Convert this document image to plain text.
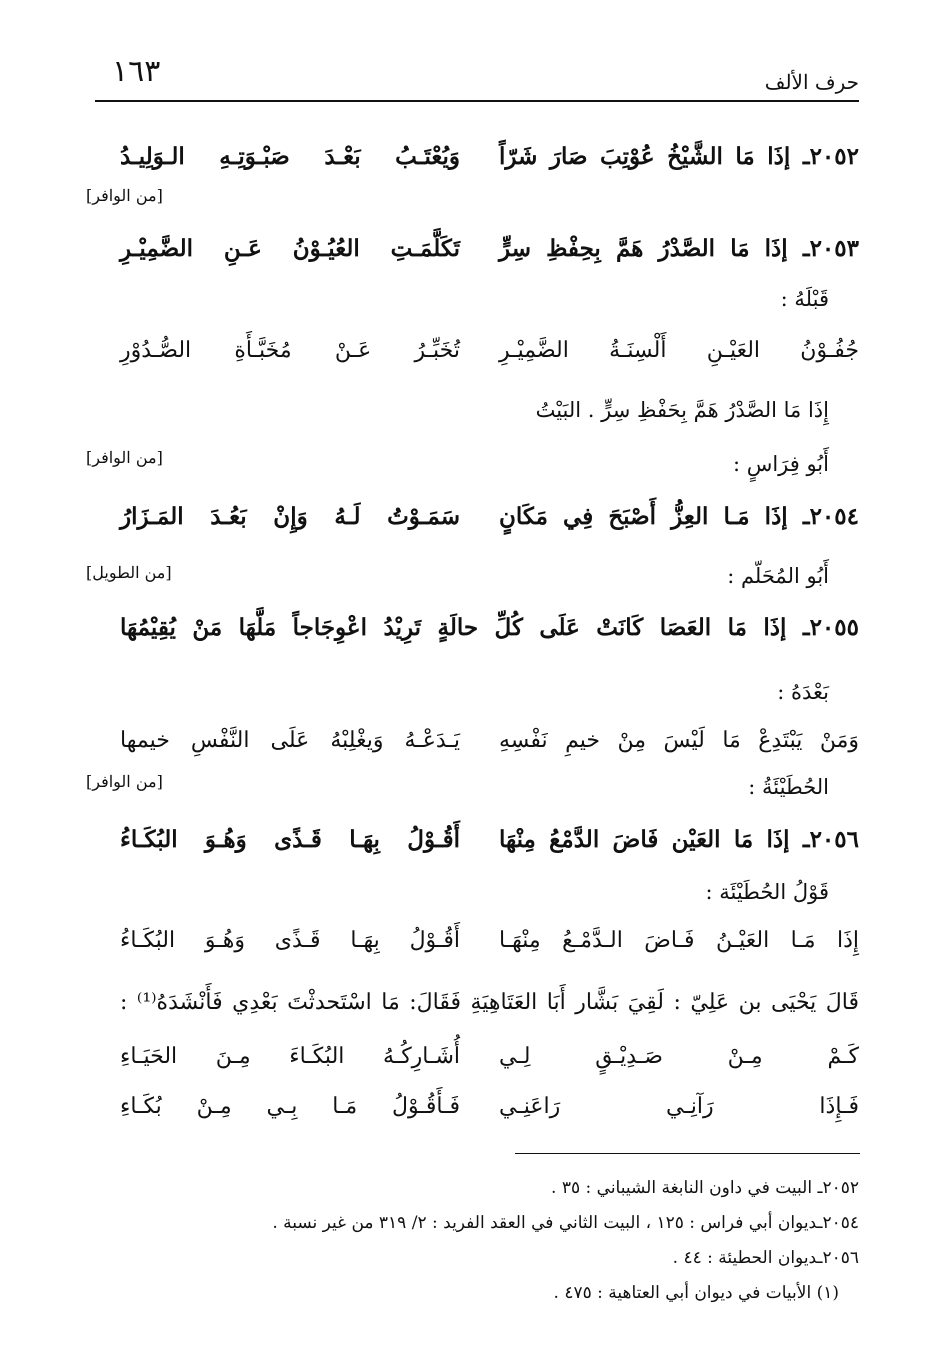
١٦٣	حرف الألف
٢٠٥٢ـ إذَا مَا الشَّيْخُ عُوْتِبَ صَارَ شَرّاً
وَيُعْتَـبُ بَعْـدَ صَبْـوَتِـهِ الـوَلِيـدُ
[من الوافر]
٢٠٥٣ـ إذَا مَا الصَّدْرُ هَمَّ بِحِفْظِ سِرٍّ
تَكَلَّمَـتِ العُيُـوْنُ عَـنِ الضَّمِيْـرِ
قَبْلَهُ :
جُفُـوْنُ العَيْـنِ أَلْسِنَـةُ الضَّمِيْـرِ
تُخَبِّـرُ عَـنْ مُخَبَّـأَةِ الصُّـدُوْرِ
إِذَا مَا الصَّدْرُ هَمَّ بِحَفْظِ سِرٍّ . البَيْتُ
[من الوافر]	أَبُو فِرَاسٍ :
٢٠٥٤ـ إذَا مَـا العِزُّ أَصْبَحَ فِي مَكَانٍ
سَمَـوْتُ لَـهُ وَإِنْ بَعُـدَ المَـزَارُ
[من الطويل]	أَبُو المُحَلّم :
٢٠٥٥ـ إذَا مَا العَصَا كَانَتْ عَلَى كُلِّ حالَةٍ تَرِيْدُ اعْوِجَاجاً مَلَّهَا مَنْ يُقِيْمُهَا
بَعْدَهُ :
وَمَنْ يَبْتَدِعْ مَا لَيْسَ مِنْ خيمِ نَفْسِهِ
يَـدَعْـهُ وَيغْلِبْهُ عَلَى النَّفْسِ خيمها
[من الوافر]	الحُطَيْئَةُ :
٢٠٥٦ـ إذَا مَا العَيْن فَاضَ الدَّمْعُ مِنْهَا
أَقُـوْلُ بِهَـا قَـذًى وَهُـوَ البُكَـاءُ
قَوْلُ الحُطَيْئَة :
إِذَا مَـا العَيْـنُ فَـاضَ الـدَّمْـعُ مِنْهَـا
أَقُـوْلُ بِهَـا قَـذًى وَهُـوَ البُكَـاءُ
قَالَ يَحْيَى بن عَلِيّ : لَقِيَ بَشَّار أَبَا العَتَاهِيَةِ فَقَالَ: مَا اسْتَحدثْتَ بَعْدِي فَأَنْشَدَهُ⁽¹⁾ :
كَـمْ مِـنْ صَـدِيْـقٍ لِـي
أُشَـارِكُـهُ البُكَـاءَ مِـنَ الحَيَـاءِ
فَـإِذَا رَآنِـي رَاعَنِـي
فَـأَقُـوْلُ مَـا بِـي مِـنْ بُكَـاءِ
٢٠٥٢ـ البيت في داون النابغة الشيباني : ٣٥ .
٢٠٥٤ـديوان أبي فراس : ١٢٥ ، البيت الثاني في العقد الفريد : ٢/ ٣١٩ من غير نسبة .
٢٠٥٦ـديوان الحطيئة : ٤٤ .
(١) الأبيات في ديوان أبي العتاهية : ٤٧٥ .
